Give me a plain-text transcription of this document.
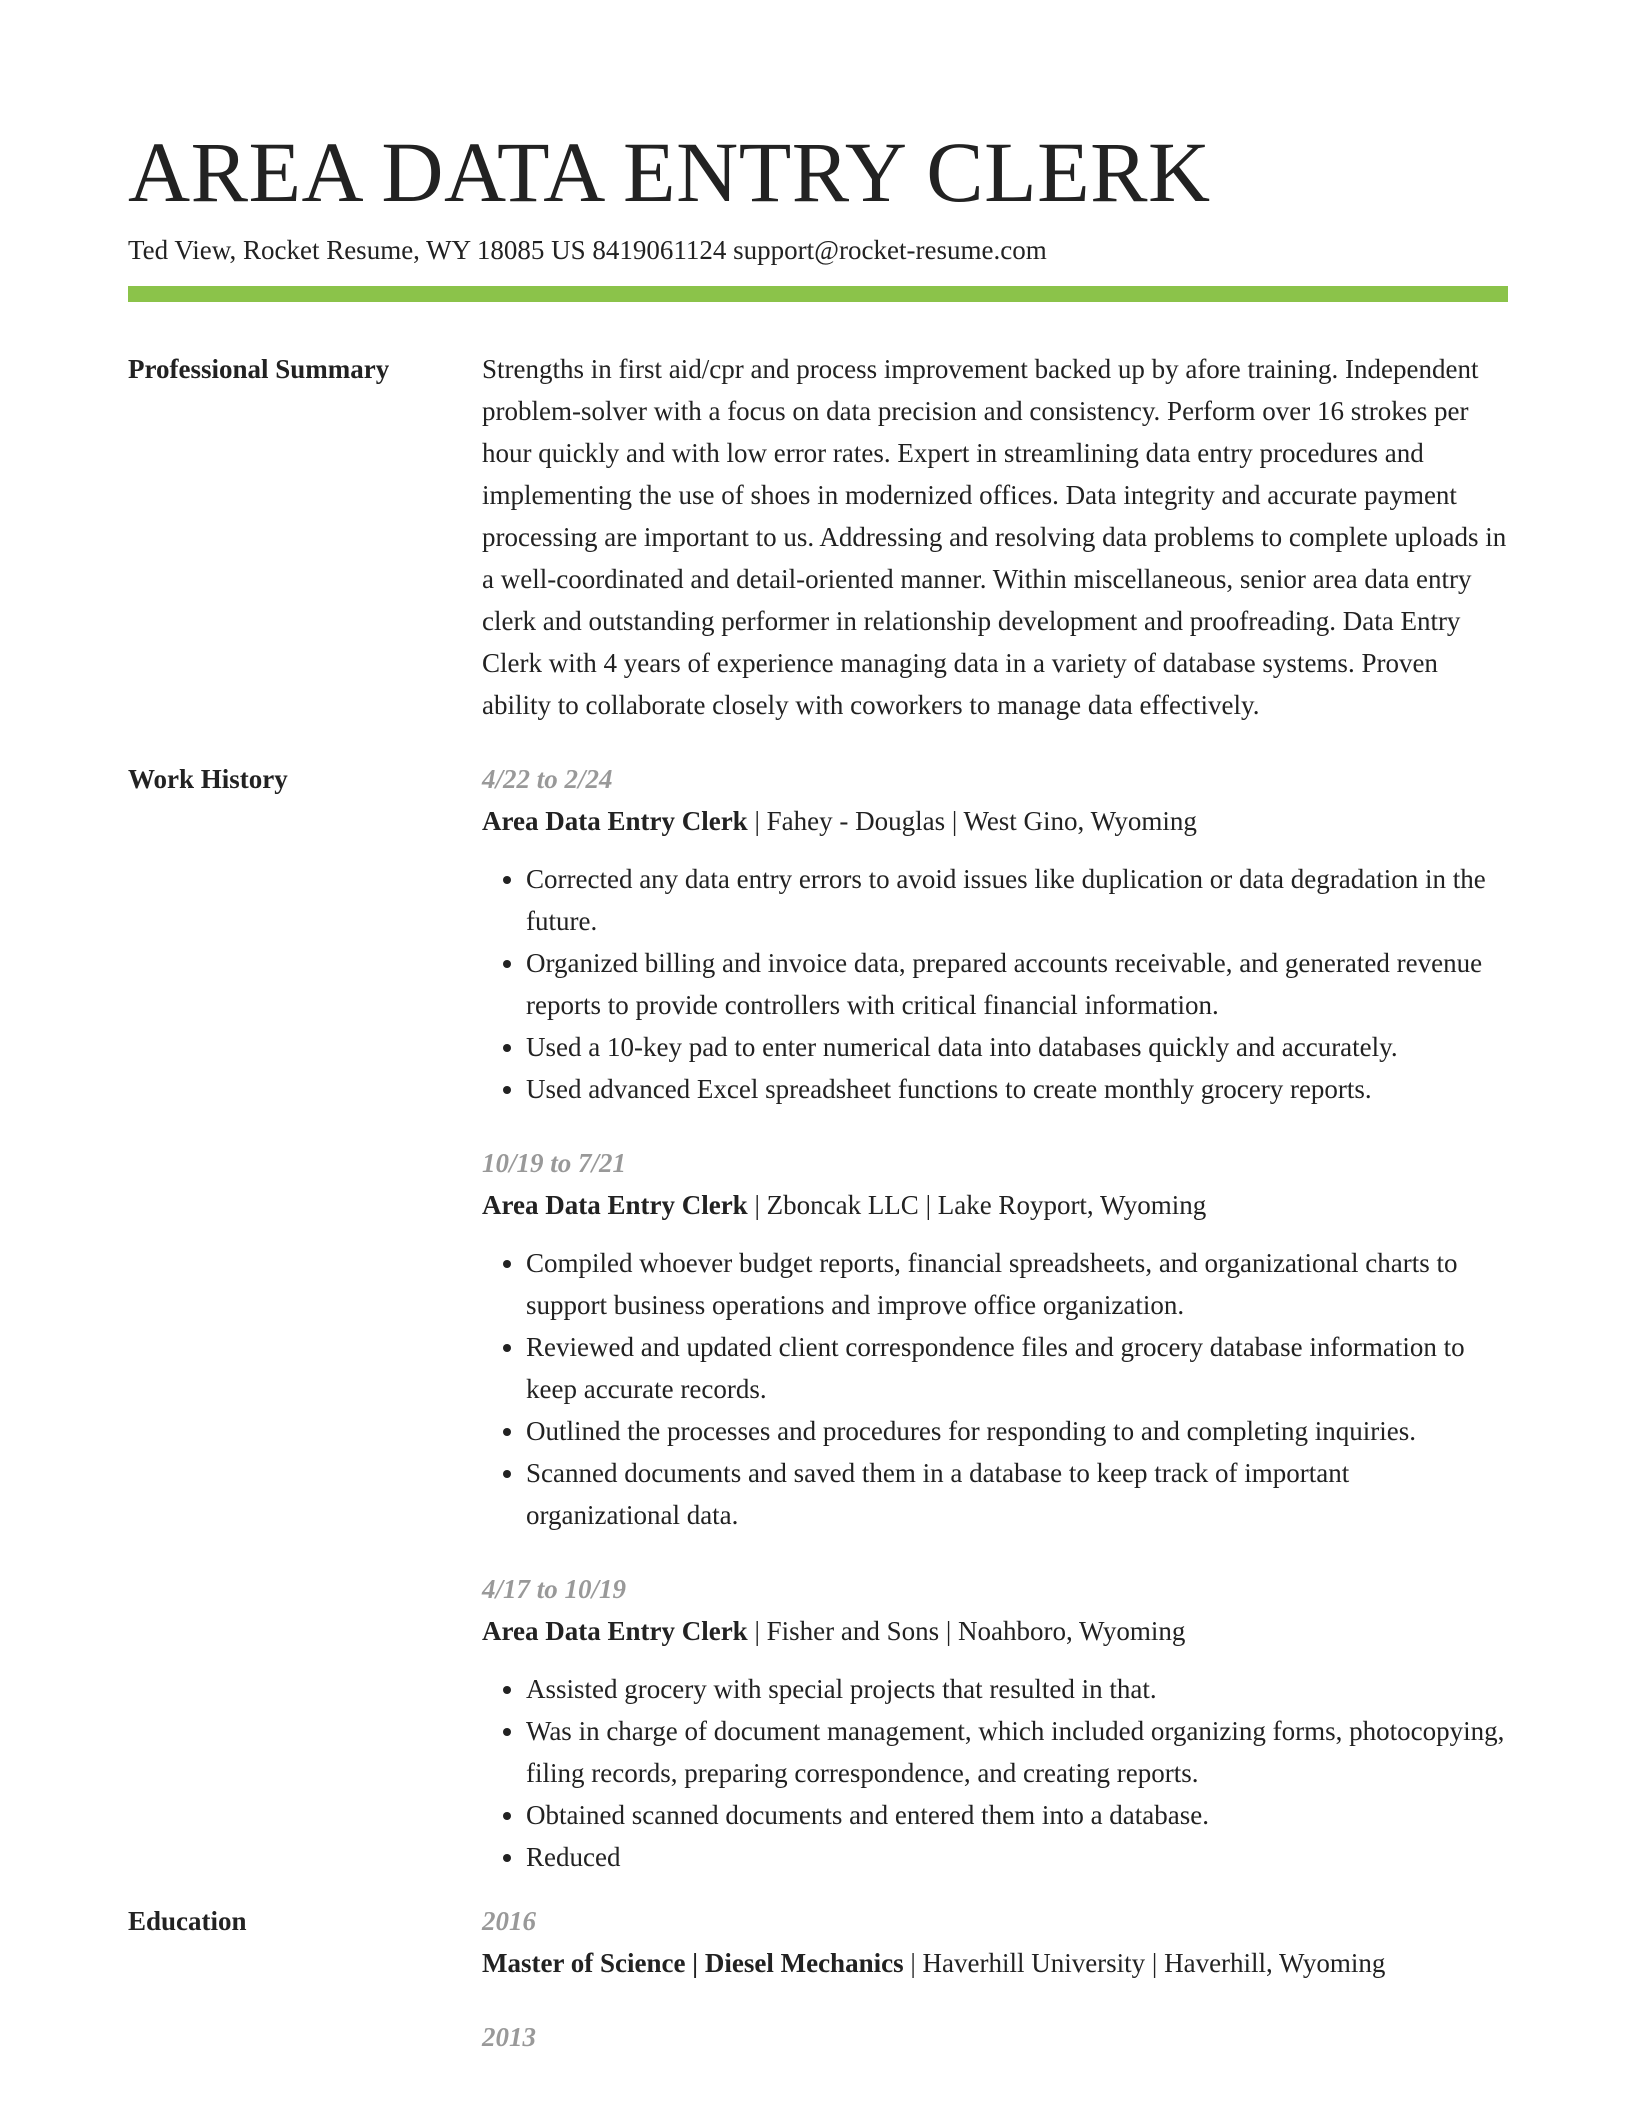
AREA DATA ENTRY CLERK
Ted View, Rocket Resume, WY 18085 US 8419061124 support@rocket-resume.com
Professional Summary	Strengths in first aid/cpr and process improvement backed up by afore training. Independent problem-solver with a focus on data precision and consistency. Perform over 16 strokes per hour quickly and with low error rates. Expert in streamlining data entry procedures and implementing the use of shoes in modernized offices. Data integrity and accurate payment processing are important to us. Addressing and resolving data problems to complete uploads in a well-coordinated and detail-oriented manner. Within miscellaneous, senior area data entry clerk and outstanding performer in relationship development and proofreading. Data Entry Clerk with 4 years of experience managing data in a variety of database systems. Proven ability to collaborate closely with coworkers to manage data effectively.
Work History	4/22 to 2/24
Area Data Entry Clerk | Fahey - Douglas | West Gino, Wyoming
• Corrected any data entry errors to avoid issues like duplication or data degradation in the future.
• Organized billing and invoice data, prepared accounts receivable, and generated revenue reports to provide controllers with critical financial information.
• Used a 10-key pad to enter numerical data into databases quickly and accurately.
• Used advanced Excel spreadsheet functions to create monthly grocery reports.
10/19 to 7/21
Area Data Entry Clerk | Zboncak LLC | Lake Royport, Wyoming
• Compiled whoever budget reports, financial spreadsheets, and organizational charts to support business operations and improve office organization.
• Reviewed and updated client correspondence files and grocery database information to keep accurate records.
• Outlined the processes and procedures for responding to and completing inquiries.
• Scanned documents and saved them in a database to keep track of important organizational data.
4/17 to 10/19
Area Data Entry Clerk | Fisher and Sons | Noahboro, Wyoming
• Assisted grocery with special projects that resulted in that.
• Was in charge of document management, which included organizing forms, photocopying, filing records, preparing correspondence, and creating reports.
• Obtained scanned documents and entered them into a database.
• Reduced
Education	2016
Master of Science | Diesel Mechanics | Haverhill University | Haverhill, Wyoming
2013
